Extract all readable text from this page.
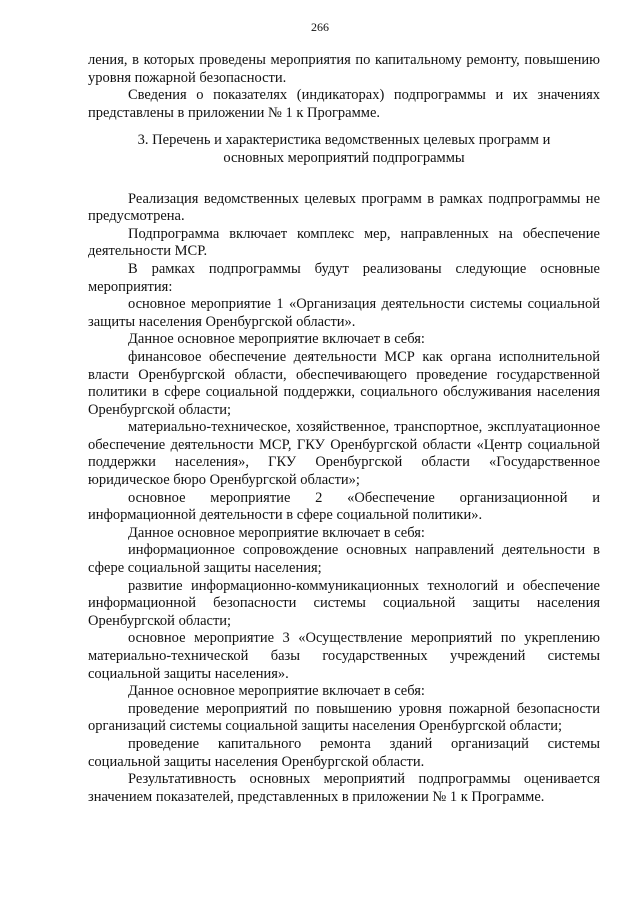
266

ления, в которых проведены мероприятия по капитальному ремонту, повышению уровня пожарной безопасности.

Сведения о показателях (индикаторах) подпрограммы и их значениях представлены в приложении № 1 к Программе.

3. Перечень и характеристика ведомственных целевых программ и основных мероприятий подпрограммы

Реализация ведомственных целевых программ в рамках подпрограммы не предусмотрена.

Подпрограмма включает комплекс мер, направленных на обеспечение деятельности МСР.

В рамках подпрограммы будут реализованы следующие основные мероприятия:

основное мероприятие 1 «Организация деятельности системы социальной защиты населения Оренбургской области».

Данное основное мероприятие включает в себя:

финансовое обеспечение деятельности МСР как органа исполнительной власти Оренбургской области, обеспечивающего проведение государственной политики в сфере социальной поддержки, социального обслуживания населения Оренбургской области;

материально-техническое, хозяйственное, транспортное, эксплуатационное обеспечение деятельности МСР, ГКУ Оренбургской области «Центр социальной поддержки населения», ГКУ Оренбургской области «Государственное юридическое бюро Оренбургской области»;

основное мероприятие 2 «Обеспечение организационной и информационной деятельности в сфере социальной политики».

Данное основное мероприятие включает в себя:

информационное сопровождение основных направлений деятельности в сфере социальной защиты населения;

развитие информационно-коммуникационных технологий и обеспечение информационной безопасности системы социальной защиты населения Оренбургской области;

основное мероприятие 3 «Осуществление мероприятий по укреплению материально-технической базы государственных учреждений системы социальной защиты населения».

Данное основное мероприятие включает в себя:

проведение мероприятий по повышению уровня пожарной безопасности организаций системы социальной защиты населения Оренбургской области;

проведение капитального ремонта зданий организаций системы социальной защиты населения Оренбургской области.

Результативность основных мероприятий подпрограммы оценивается значением показателей, представленных в приложении № 1 к Программе.
